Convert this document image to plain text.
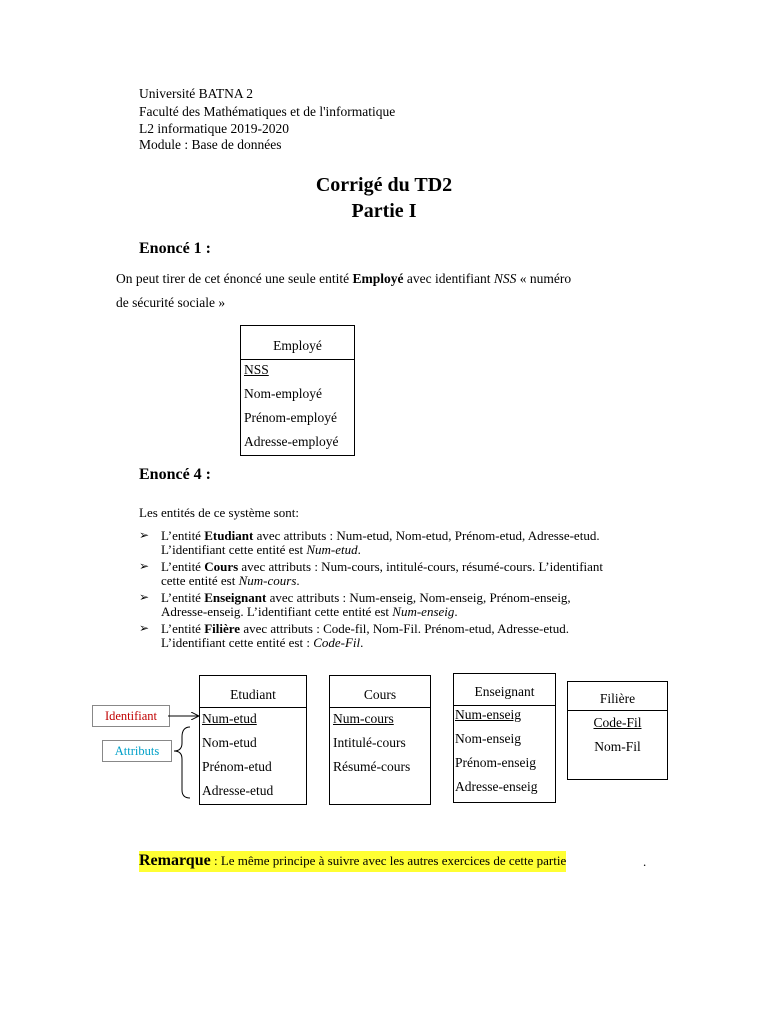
Université BATNA 2
Faculté des Mathématiques et de l'informatique
L2 informatique 2019-2020
Module : Base de données
Corrigé du TD2
Partie I
Enoncé 1 :
On peut tirer de cet énoncé une seule entité Employé avec identifiant NSS « numéro
de sécurité sociale »
Employé
NSS
Nom-employé
Prénom-employé
Adresse-employé
Enoncé 4 :
Les entités de ce système sont:
➢ L’entité Etudiant avec attributs : Num-etud, Nom-etud, Prénom-etud, Adresse-etud.
L’identifiant cette entité est Num-etud.
➢ L’entité Cours avec attributs : Num-cours, intitulé-cours, résumé-cours. L’identifiant
cette entité est Num-cours.
➢ L’entité Enseignant avec attributs : Num-enseig, Nom-enseig, Prénom-enseig,
Adresse-enseig. L’identifiant cette entité est Num-enseig.
➢ L’entité Filière avec attributs : Code-fil, Nom-Fil. Prénom-etud, Adresse-etud.
L’identifiant cette entité est : Code-Fil.
Identifiant
Attributs
Etudiant
Num-etud
Nom-etud
Prénom-etud
Adresse-etud
Cours
Num-cours
Intitulé-cours
Résumé-cours
Enseignant
Num-enseig
Nom-enseig
Prénom-enseig
Adresse-enseig
Filière
Code-Fil
Nom-Fil
Remarque : Le même principe à suivre avec les autres exercices de cette partie	.
